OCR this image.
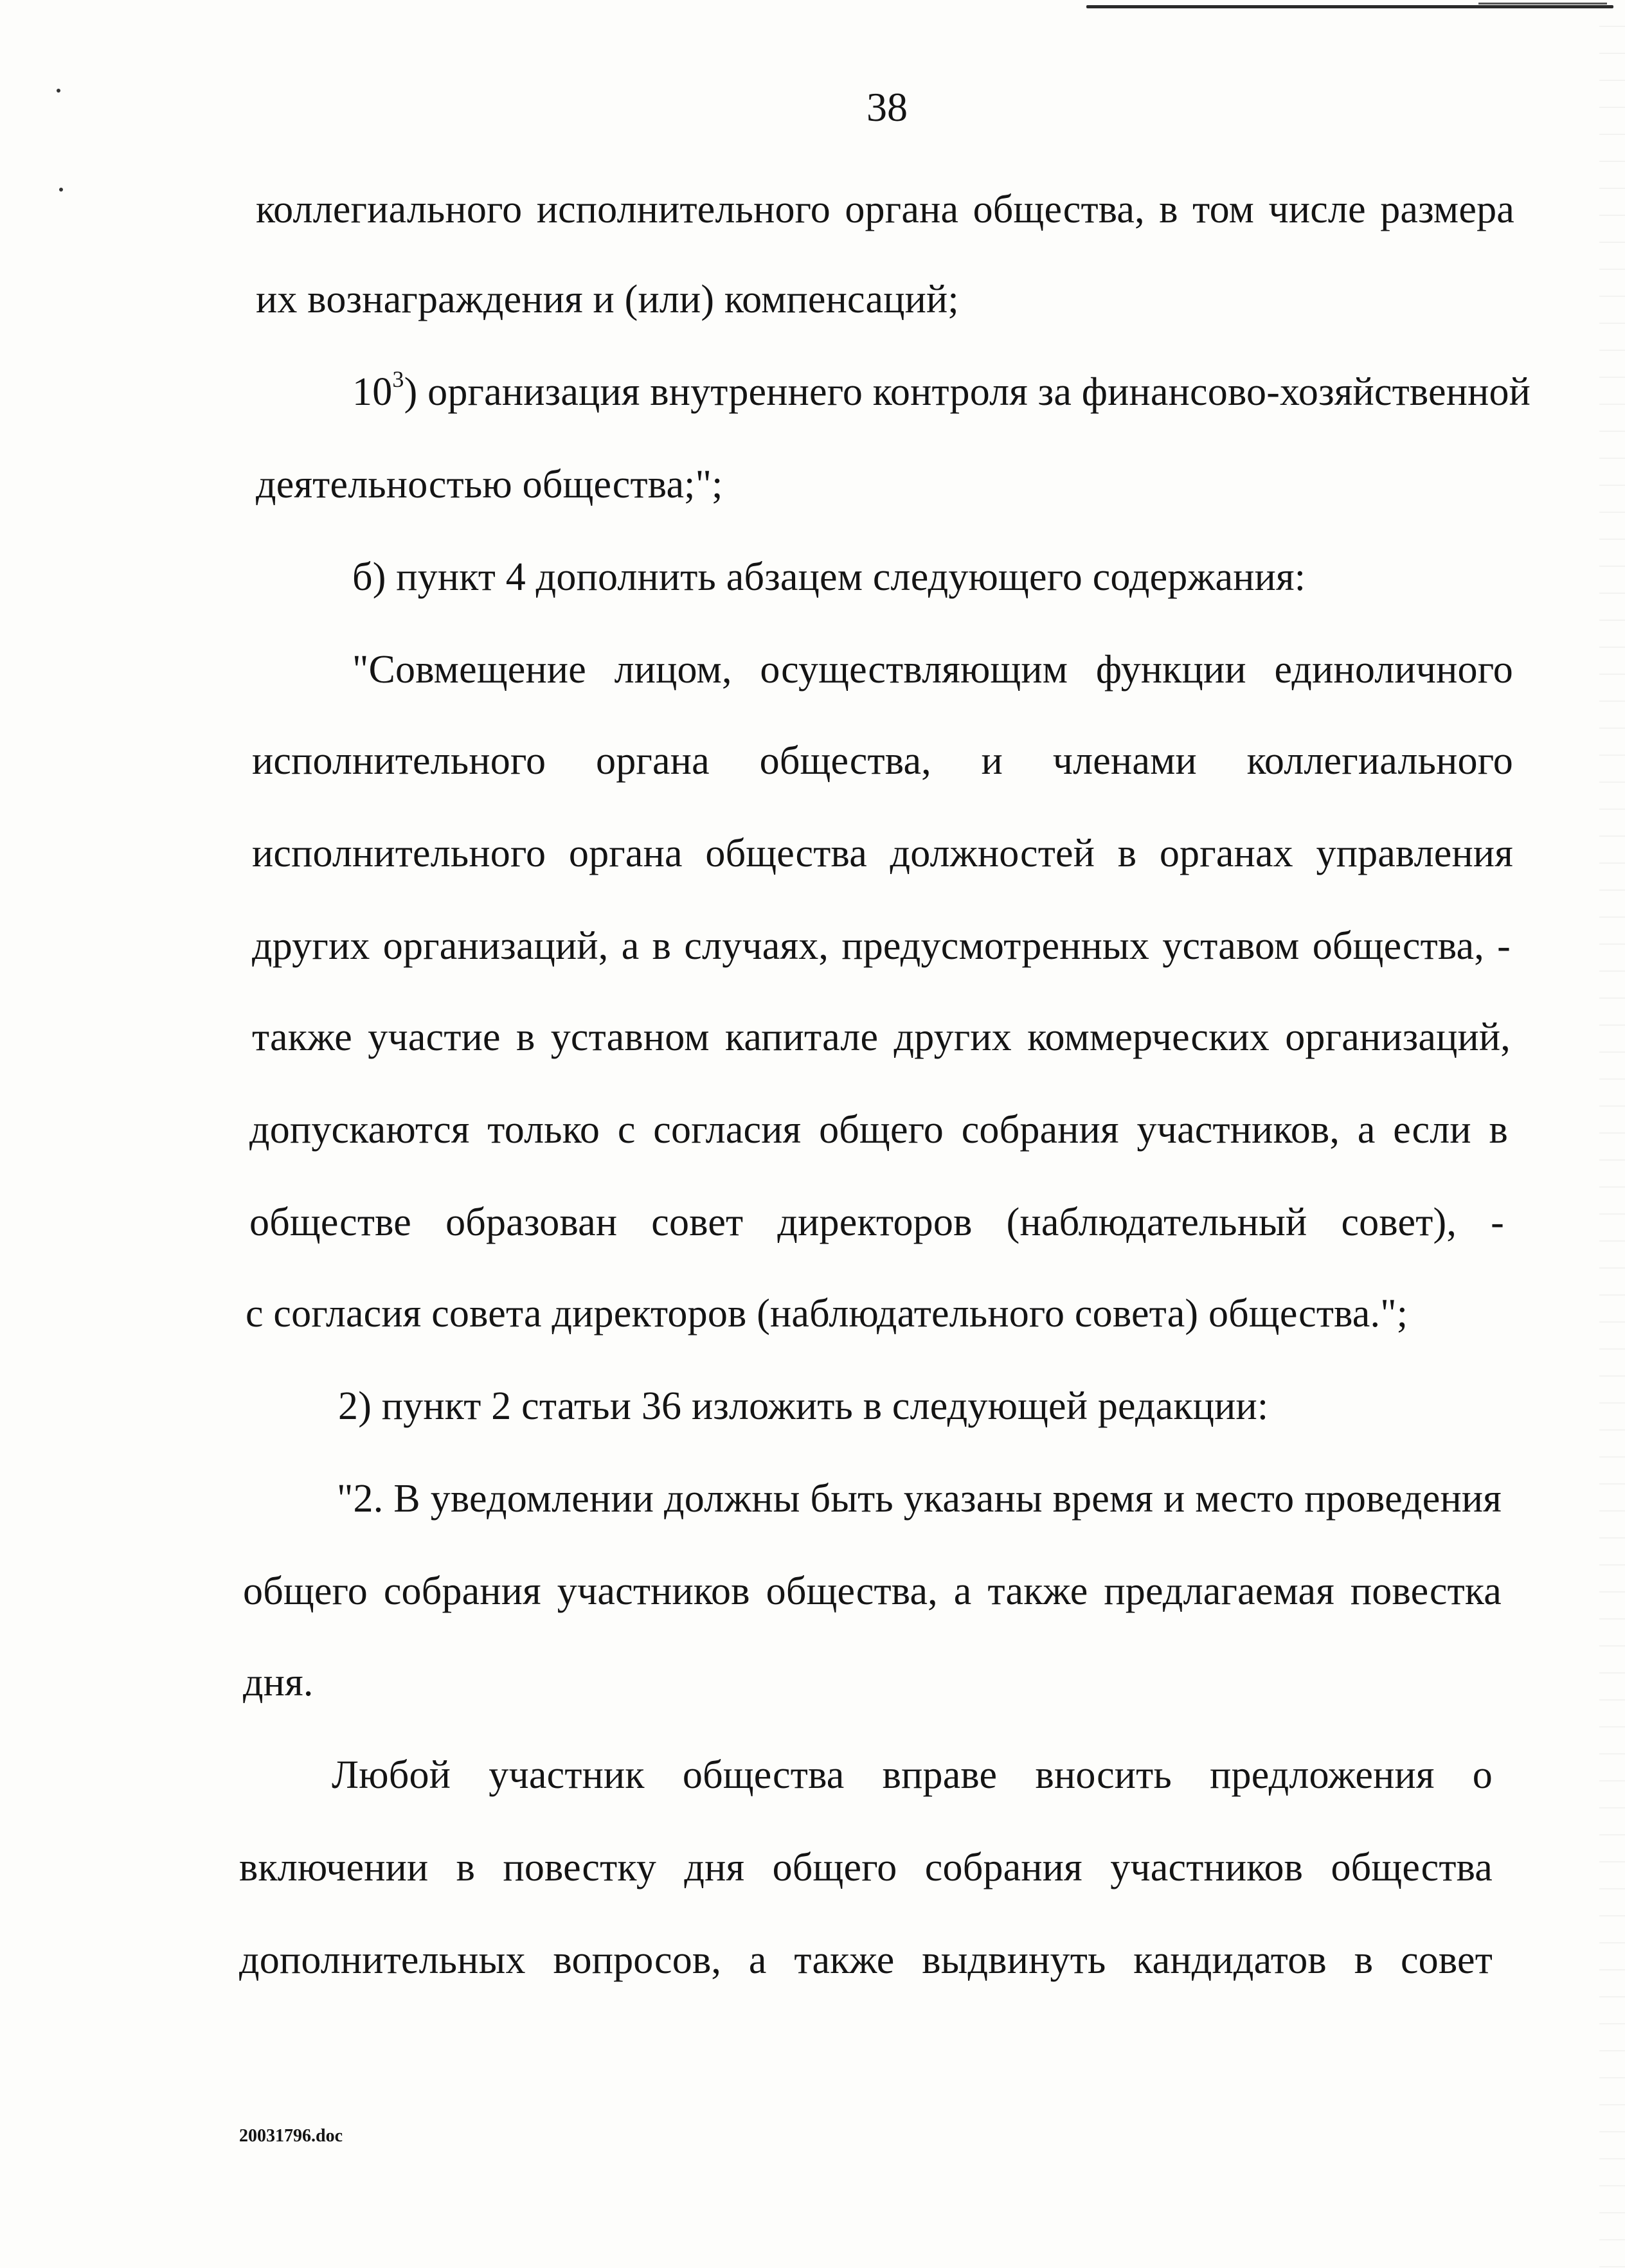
38
коллегиального исполнительного органа общества, в том числе размера
их вознаграждения и (или) компенсаций;
$10^3$) организация внутреннего контроля за финансово-хозяйственной
деятельностью общества;";
б) пункт 4 дополнить абзацем следующего содержания:
"Совмещение лицом, осуществляющим функции единоличного
исполнительного органа общества, и членами коллегиального
исполнительного органа общества должностей в органах управления
других организаций, а в случаях, предусмотренных уставом общества, -
также участие в уставном капитале других коммерческих организаций,
допускаются только с согласия общего собрания участников, а если в
обществе образован совет директоров (наблюдательный совет), -
с согласия совета директоров (наблюдательного совета) общества.";
2) пункт 2 статьи 36 изложить в следующей редакции:
"2. В уведомлении должны быть указаны время и место проведения
общего собрания участников общества, а также предлагаемая повестка
дня.
Любой участник общества вправе вносить предложения о
включении в повестку дня общего собрания участников общества
дополнительных вопросов, а также выдвинуть кандидатов в совет
20031796.doc
